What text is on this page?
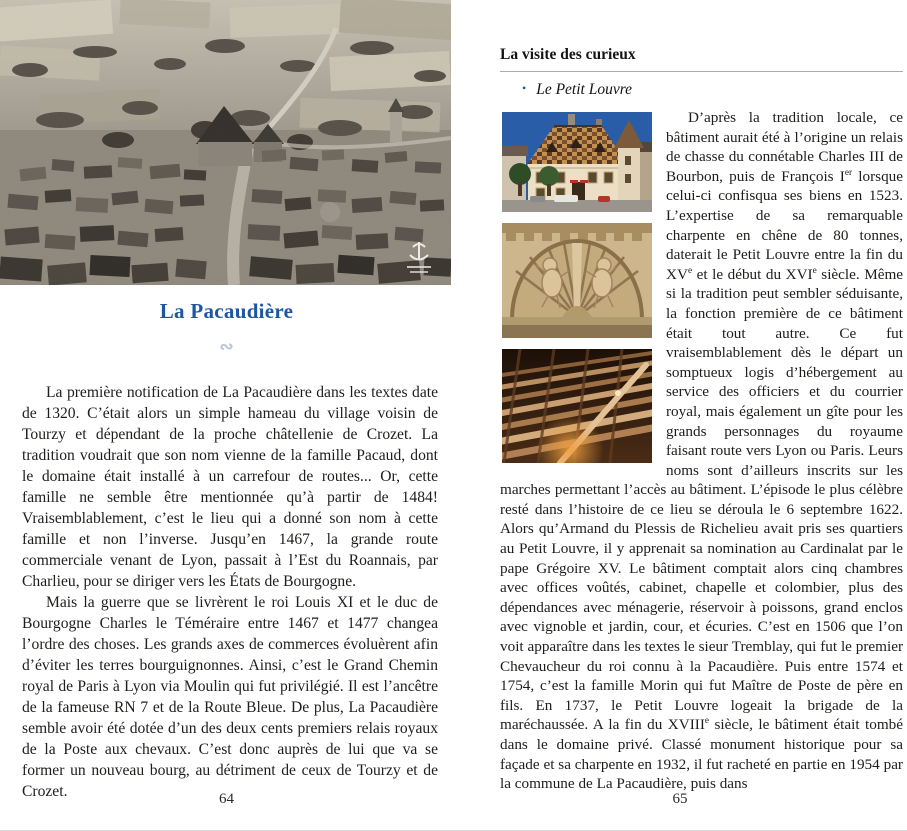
La Pacaudière
∾

La première notification de La Pacaudière dans les textes date de 1320. C’était alors un simple hameau du village voisin de Tourzy et dépendant de la proche châtellenie de Crozet. La tradition voudrait que son nom vienne de la famille Pacaud, dont le domaine était installé à un carrefour de routes... Or, cette famille ne semble être mentionnée qu’à partir de 1484! Vraisemblablement, c’est le lieu qui a donné son nom à cette famille et non l’inverse. Jusqu’en 1467, la grande route commerciale venant de Lyon, passait à l’Est du Roannais, par Charlieu, pour se diriger vers les États de Bourgogne.

Mais la guerre que se livrèrent le roi Louis XI et le duc de Bourgogne Charles le Téméraire entre 1467 et 1477 changea l’ordre des choses. Les grands axes de commerces évoluèrent afin d’éviter les terres bourguignonnes. Ainsi, c’est le Grand Chemin royal de Paris à Lyon via Moulin qui fut privilégié. Il est l’ancêtre de la fameuse RN 7 et de la Route Bleue. De plus, La Pacaudière semble avoir été dotée d’un des deux cents premiers relais royaux de la Poste aux chevaux. C’est donc auprès de lui que va se former un nouveau bourg, au détriment de ceux de Tourzy et de Crozet.	64
La visite des curieux
• Le Petit Louvre

D’après la tradition locale, ce bâtiment aurait été à l’origine un relais de chasse du connétable Charles III de Bourbon, puis de François Ier lorsque celui-ci confisqua ses biens en 1523. L’expertise de sa remarquable charpente en chêne de 80 tonnes, daterait le Petit Louvre entre la fin du XVe et le début du XVIe siècle. Même si la tradition peut sembler séduisante, la fonction première de ce bâtiment était tout autre. Ce fut vraisemblablement dès le départ un somptueux logis d’hébergement au service des officiers et du courrier royal, mais également un gîte pour les grands personnages du royaume faisant route vers Lyon ou Paris. Leurs noms sont d’ailleurs inscrits sur les marches permettant l’accès au bâtiment. L’épisode le plus célèbre resté dans l’histoire de ce lieu se déroula le 6 septembre 1622. Alors qu’Armand du Plessis de Richelieu avait pris ses quartiers au Petit Louvre, il y apprenait sa nomination au Cardinalat par le pape Grégoire XV. Le bâtiment comptait alors cinq chambres avec offices voûtés, cabinet, chapelle et colombier, plus des dépendances avec ménagerie, réservoir à poissons, grand enclos avec vignoble et jardin, cour, et écuries. C’est en 1506 que l’on voit apparaître dans les textes le sieur Tremblay, qui fut le premier Chevaucheur du roi connu à la Pacaudière. Puis entre 1574 et 1754, c’est la famille Morin qui fut Maître de Poste de père en fils. En 1737, le Petit Louvre logeait la brigade de la maréchaussée. A la fin du XVIIIe siècle, le bâtiment était tombé dans le domaine privé. Classé monument historique pour sa façade et sa charpente en 1932, il fut racheté en partie en 1954 par la commune de La Pacaudière, puis dans

65
